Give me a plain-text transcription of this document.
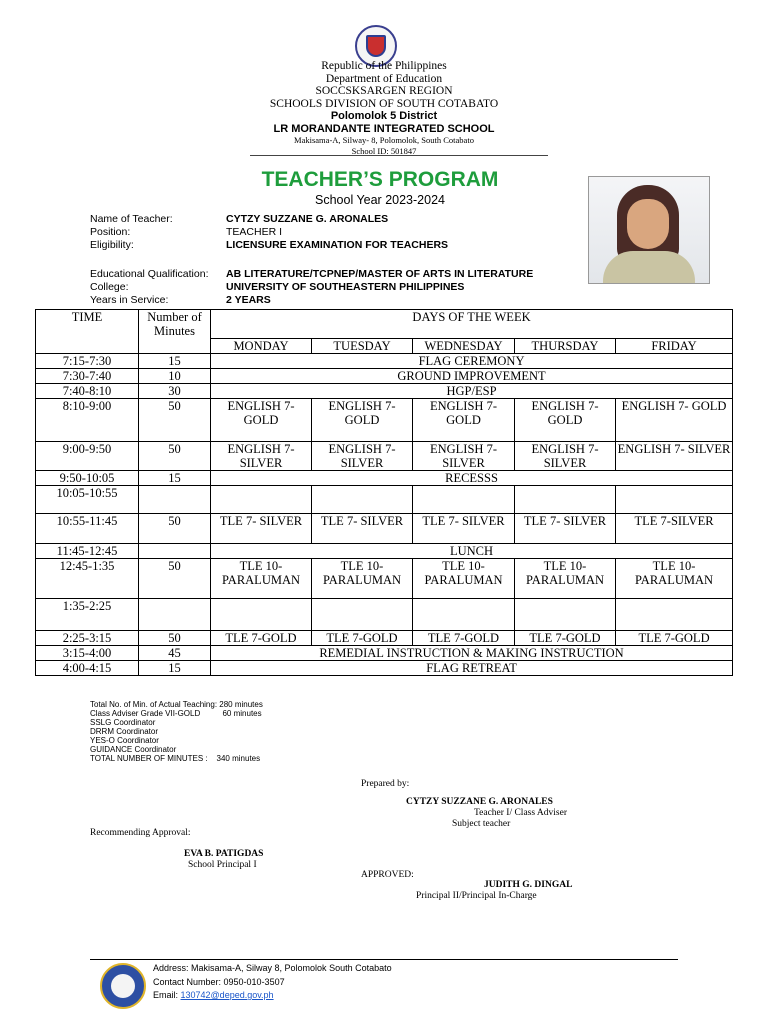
Republic of the Philippines
Department of Education
SOCCSKSARGEN REGION
SCHOOLS DIVISION OF SOUTH COTABATO
Polomolok 5 District
LR MORANDANTE INTEGRATED SCHOOL
Makisama-A, Silway- 8, Polomolok, South Cotabato
School ID: 501847
TEACHER’S PROGRAM
School Year 2023-2024
Name of Teacher:	CYTZY SUZZANE G. ARONALES
Position:	TEACHER I
Eligibility:	LICENSURE EXAMINATION FOR TEACHERS
Educational Qualification: AB LITERATURE/TCPNEP/MASTER OF ARTS IN LITERATURE
College:	UNIVERSITY OF SOUTHEASTERN PHILIPPINES
Years in Service:	2 YEARS
TIME	Number of Minutes	DAYS OF THE WEEK				
		MONDAY	TUESDAY	WEDNESDAY	THURSDAY	FRIDAY
7:15-7:30	15	FLAG CEREMONY				
7:30-7:40	10	GROUND IMPROVEMENT				
7:40-8:10	30	HGP/ESP				
8:10-9:00	50	ENGLISH 7- GOLD	ENGLISH 7- GOLD	ENGLISH 7- GOLD	ENGLISH 7- GOLD	ENGLISH 7- GOLD
9:00-9:50	50	ENGLISH 7- SILVER	ENGLISH 7- SILVER	ENGLISH 7- SILVER	ENGLISH 7- SILVER	ENGLISH 7- SILVER
9:50-10:05	15	RECESSS				
10:05-10:55						
10:55-11:45	50	TLE 7- SILVER	TLE 7- SILVER	TLE 7- SILVER	TLE 7- SILVER	TLE 7-SILVER
11:45-12:45		LUNCH				
12:45-1:35	50	TLE 10- PARALUMAN	TLE 10- PARALUMAN	TLE 10- PARALUMAN	TLE 10- PARALUMAN	TLE 10- PARALUMAN
1:35-2:25						
2:25-3:15	50	TLE 7-GOLD	TLE 7-GOLD	TLE 7-GOLD	TLE 7-GOLD	TLE 7-GOLD
3:15-4:00	45	REMEDIAL INSTRUCTION & MAKING INSTRUCTION				
4:00-4:15	15	FLAG RETREAT				
Total No. of Min. of Actual Teaching: 280 minutes
Class Adviser Grade VII-GOLD          60 minutes
SSLG Coordinator
DRRM Coordinator
YES-O Coordinator
GUIDANCE Coordinator
TOTAL NUMBER OF MINUTES :    340 minutes
Prepared by:
CYTZY SUZZANE G. ARONALES
Teacher I/ Class Adviser
Subject teacher
Recommending Approval:
EVA B. PATIGDAS
School Principal I
APPROVED:
JUDITH G. DINGAL
Principal II/Principal In-Charge
Address: Makisama-A, Silway 8, Polomolok South Cotabato
Contact Number: 0950-010-3507
Email: 130742@deped.gov.ph
